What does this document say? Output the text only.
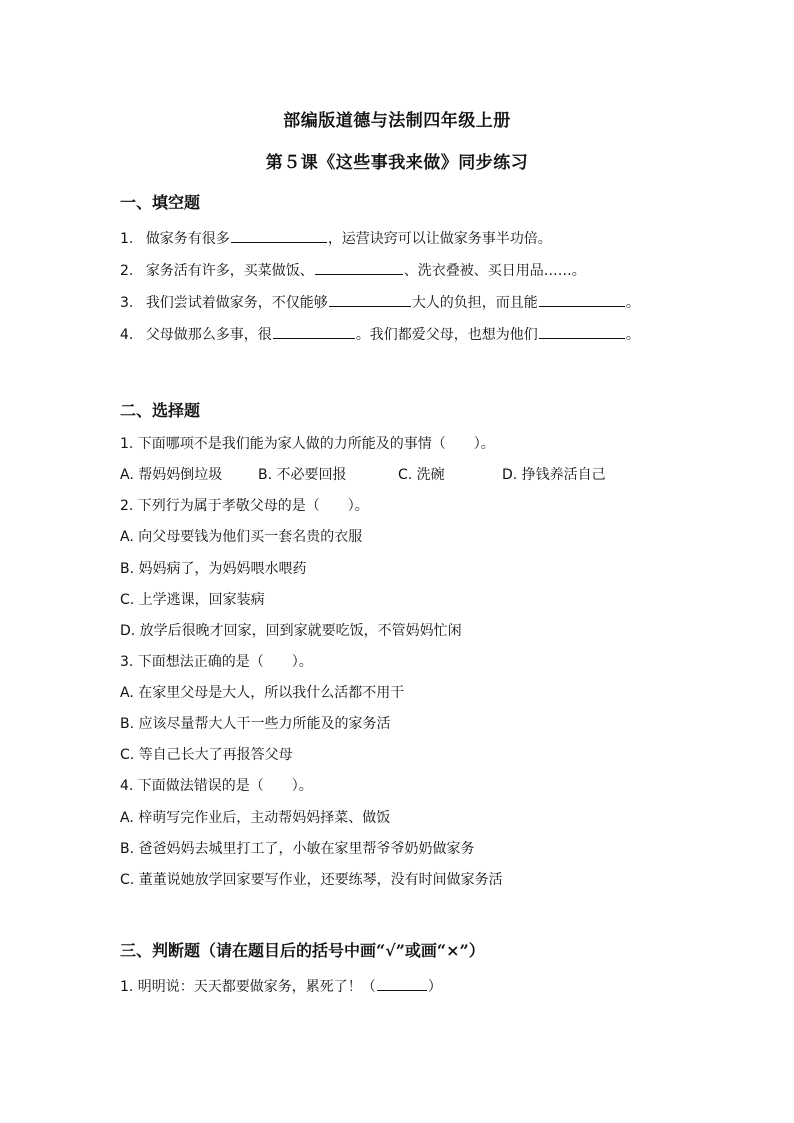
部编版道德与法制四年级上册
第５课《这些事我来做》同步练习
一、填空题
1. 做家务有很多	，运营诀窍可以让做家务事半功倍。
2. 家务活有许多，买菜做饭、	、洗衣叠被、买日用品……。
3. 我们尝试着做家务，不仅能够	大人的负担，而且能	。
4. 父母做那么多事，很	。我们都爱父母，也想为他们	。
二、选择题
1. 下面哪项不是我们能为家人做的力所能及的事情（　　）。
A. 帮妈妈倒垃圾	B. 不必要回报	C. 洗碗	D. 挣钱养活自己
2. 下列行为属于孝敬父母的是（　　）。
A. 向父母要钱为他们买一套名贵的衣服
B. 妈妈病了，为妈妈喂水喂药
C. 上学逃课，回家装病
D. 放学后很晚才回家，回到家就要吃饭，不管妈妈忙闲
3. 下面想法正确的是（　　）。
A. 在家里父母是大人，所以我什么活都不用干
B. 应该尽量帮大人干一些力所能及的家务活
C. 等自己长大了再报答父母
4. 下面做法错误的是（　　）。
A. 梓萌写完作业后，主动帮妈妈择菜、做饭
B. 爸爸妈妈去城里打工了，小敏在家里帮爷爷奶奶做家务
C. 董董说她放学回家要写作业，还要练琴，没有时间做家务活
三、判断题（请在题目后的括号中画“√”或画“×”）
1. 明明说：天天都要做家务，累死了！（	）
